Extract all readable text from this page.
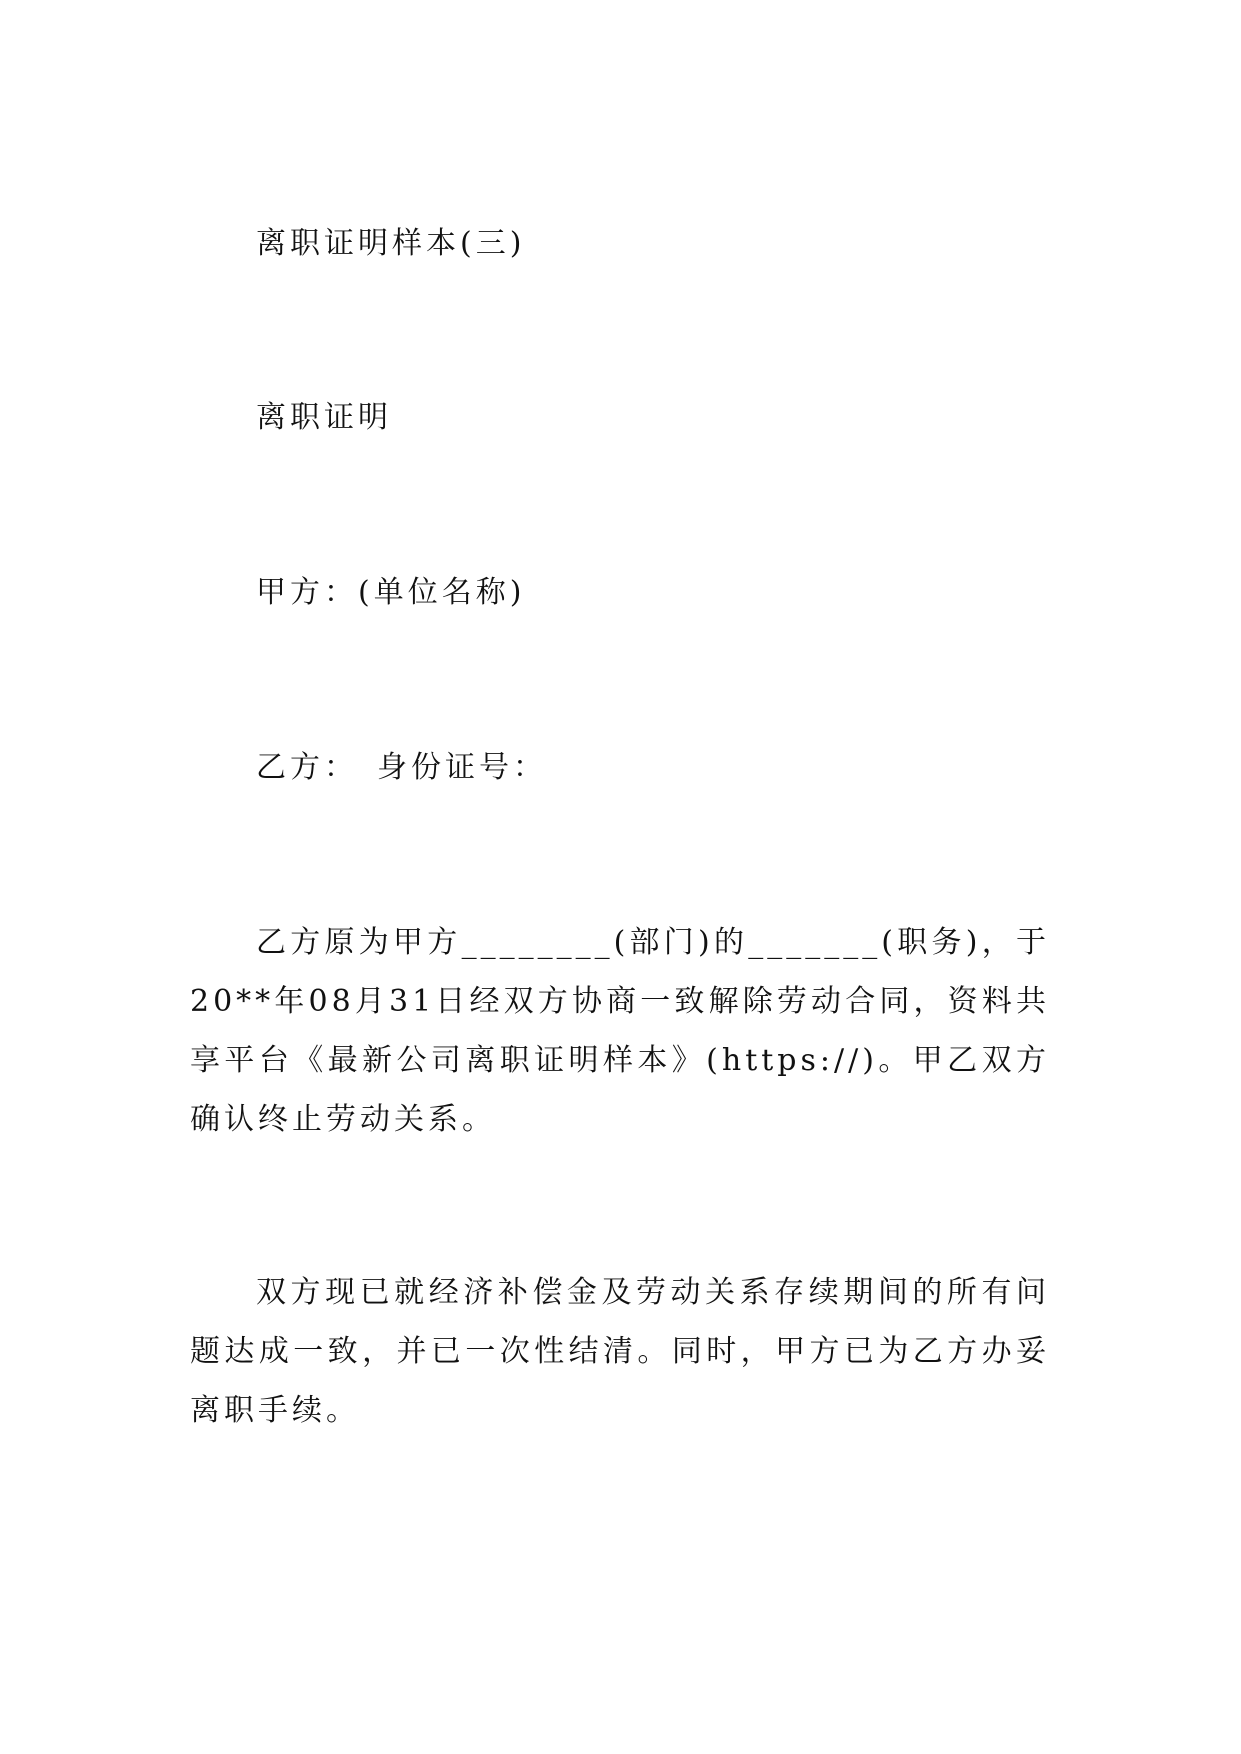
离职证明样本(三)
离职证明
甲方：(单位名称)
乙方：　身份证号：
乙方原为甲方________(部门)的_______(职务)，于20**年08月31日经双方协商一致解除劳动合同，资料共享平台《最新公司离职证明样本》(https://)。甲乙双方确认终止劳动关系。
双方现已就经济补偿金及劳动关系存续期间的所有问题达成一致，并已一次性结清。同时，甲方已为乙方办妥离职手续。
